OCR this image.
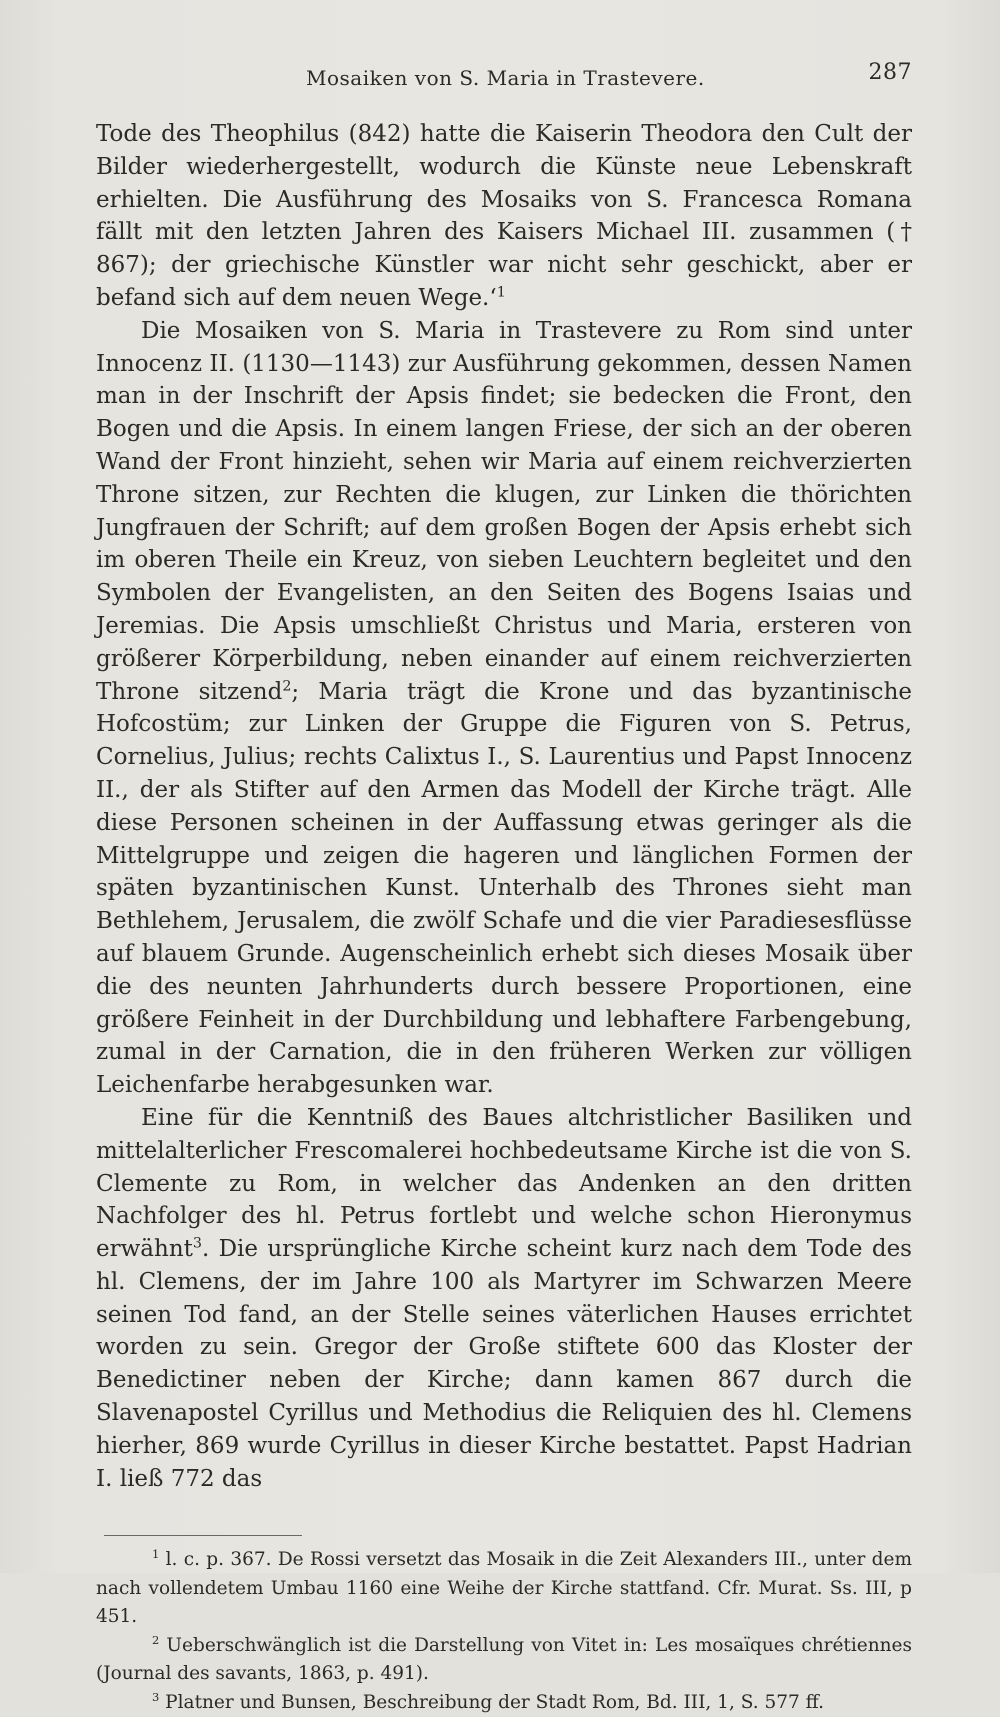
Mosaiken von S. Maria in Trastevere.	287

Tode des Theophilus (842) hatte die Kaiserin Theodora den Cult der Bilder wiederhergestellt, wodurch die Künste neue Lebenskraft erhielten. Die Ausführung des Mosaiks von S. Francesca Romana fällt mit den letzten Jahren des Kaisers Michael III. zusammen († 867); der griechische Künstler war nicht sehr geschickt, aber er befand sich auf dem neuen Wege.‘$^1$

Die Mosaiken von S. Maria in Trastevere zu Rom sind unter Innocenz II. (1130—1143) zur Ausführung gekommen, dessen Namen man in der Inschrift der Apsis findet; sie bedecken die Front, den Bogen und die Apsis. In einem langen Friese, der sich an der oberen Wand der Front hinzieht, sehen wir Maria auf einem reichverzierten Throne sitzen, zur Rechten die klugen, zur Linken die thörichten Jungfrauen der Schrift; auf dem großen Bogen der Apsis erhebt sich im oberen Theile ein Kreuz, von sieben Leuchtern begleitet und den Symbolen der Evangelisten, an den Seiten des Bogens Isaias und Jeremias. Die Apsis umschließt Christus und Maria, ersteren von größerer Körperbildung, neben einander auf einem reichverzierten Throne sitzend$^2$; Maria trägt die Krone und das byzantinische Hofcostüm; zur Linken der Gruppe die Figuren von S. Petrus, Cornelius, Julius; rechts Calixtus I., S. Laurentius und Papst Innocenz II., der als Stifter auf den Armen das Modell der Kirche trägt. Alle diese Personen scheinen in der Auffassung etwas geringer als die Mittelgruppe und zeigen die hageren und länglichen Formen der späten byzantinischen Kunst. Unterhalb des Thrones sieht man Bethlehem, Jerusalem, die zwölf Schafe und die vier Paradiesesflüsse auf blauem Grunde. Augenscheinlich erhebt sich dieses Mosaik über die des neunten Jahrhunderts durch bessere Proportionen, eine größere Feinheit in der Durchbildung und lebhaftere Farbengebung, zumal in der Carnation, die in den früheren Werken zur völligen Leichenfarbe herabgesunken war.

Eine für die Kenntniß des Baues altchristlicher Basiliken und mittelalterlicher Frescomalerei hochbedeutsame Kirche ist die von S. Clemente zu Rom, in welcher das Andenken an den dritten Nachfolger des hl. Petrus fortlebt und welche schon Hieronymus erwähnt$^3$. Die ursprüngliche Kirche scheint kurz nach dem Tode des hl. Clemens, der im Jahre 100 als Martyrer im Schwarzen Meere seinen Tod fand, an der Stelle seines väterlichen Hauses errichtet worden zu sein. Gregor der Große stiftete 600 das Kloster der Benedictiner neben der Kirche; dann kamen 867 durch die Slavenapostel Cyrillus und Methodius die Reliquien des hl. Clemens hierher, 869 wurde Cyrillus in dieser Kirche bestattet. Papst Hadrian I. ließ 772 das

$^1$ l. c. p. 367. De Rossi versetzt das Mosaik in die Zeit Alexanders III., unter dem nach vollendetem Umbau 1160 eine Weihe der Kirche stattfand. Cfr. Murat. Ss. III, p 451.

$^2$ Ueberschwänglich ist die Darstellung von Vitet in: Les mosaïques chrétiennes (Journal des savants, 1863, p. 491).

$^3$ Platner und Bunsen, Beschreibung der Stadt Rom, Bd. III, 1, S. 577 ff.
